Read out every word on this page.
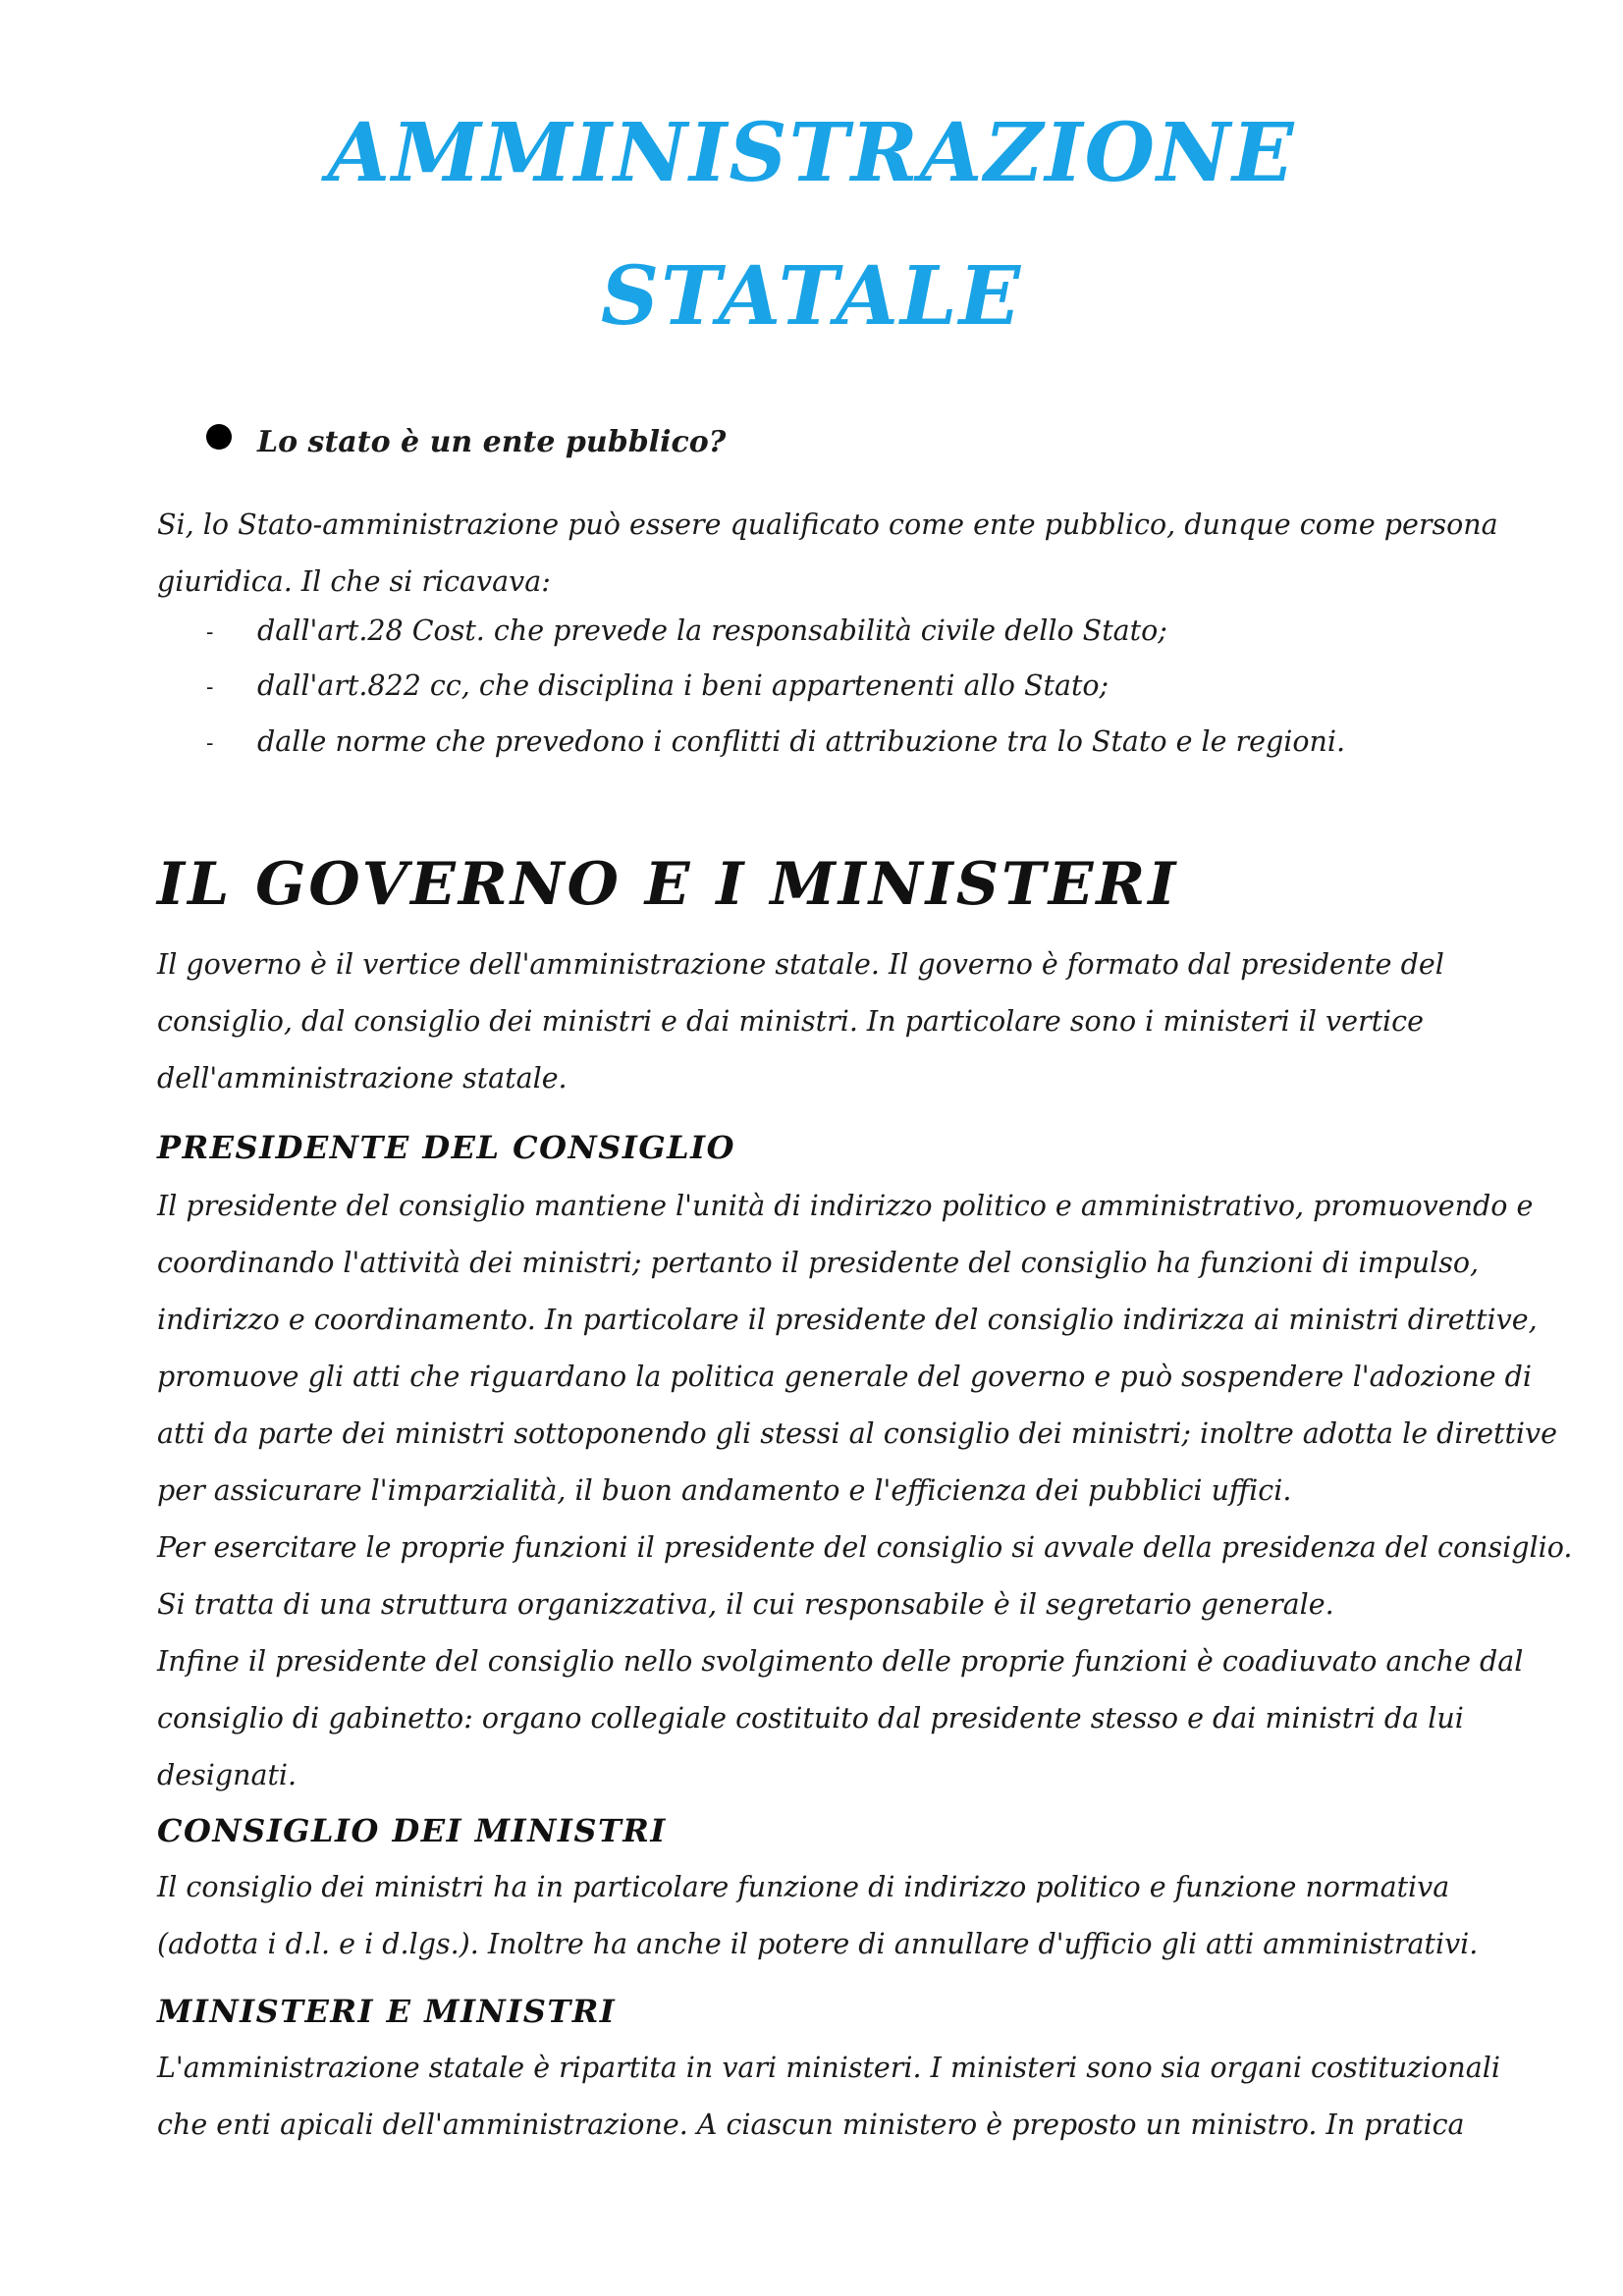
AMMINISTRAZIONE
STATALE
Lo stato è un ente pubblico?

Si, lo Stato-amministrazione può essere qualificato come ente pubblico, dunque come persona
giuridica. Il che si ricavava:

- dall'art.28 Cost. che prevede la responsabilità civile dello Stato;
- dall'art.822 cc, che disciplina i beni appartenenti allo Stato;
- dalle norme che prevedono i conflitti di attribuzione tra lo Stato e le regioni.
IL GOVERNO E I MINISTERI

Il governo è il vertice dell'amministrazione statale. Il governo è formato dal presidente del
consiglio, dal consiglio dei ministri e dai ministri. In particolare sono i ministeri il vertice
dell'amministrazione statale.

PRESIDENTE DEL CONSIGLIO

Il presidente del consiglio mantiene l'unità di indirizzo politico e amministrativo, promuovendo e
coordinando l'attività dei ministri; pertanto il presidente del consiglio ha funzioni di impulso,
indirizzo e coordinamento. In particolare il presidente del consiglio indirizza ai ministri direttive,
promuove gli atti che riguardano la politica generale del governo e può sospendere l'adozione di
atti da parte dei ministri sottoponendo gli stessi al consiglio dei ministri; inoltre adotta le direttive
per assicurare l'imparzialità, il buon andamento e l'efficienza dei pubblici uffici.
Per esercitare le proprie funzioni il presidente del consiglio si avvale della presidenza del consiglio.
Si tratta di una struttura organizzativa, il cui responsabile è il segretario generale.
Infine il presidente del consiglio nello svolgimento delle proprie funzioni è coadiuvato anche dal
consiglio di gabinetto: organo collegiale costituito dal presidente stesso e dai ministri da lui
designati.

CONSIGLIO DEI MINISTRI

Il consiglio dei ministri ha in particolare funzione di indirizzo politico e funzione normativa
(adotta i d.l. e i d.lgs.). Inoltre ha anche il potere di annullare d'ufficio gli atti amministrativi.

MINISTERI E MINISTRI

L'amministrazione statale è ripartita in vari ministeri. I ministeri sono sia organi costituzionali
che enti apicali dell'amministrazione. A ciascun ministero è preposto un ministro. In pratica
